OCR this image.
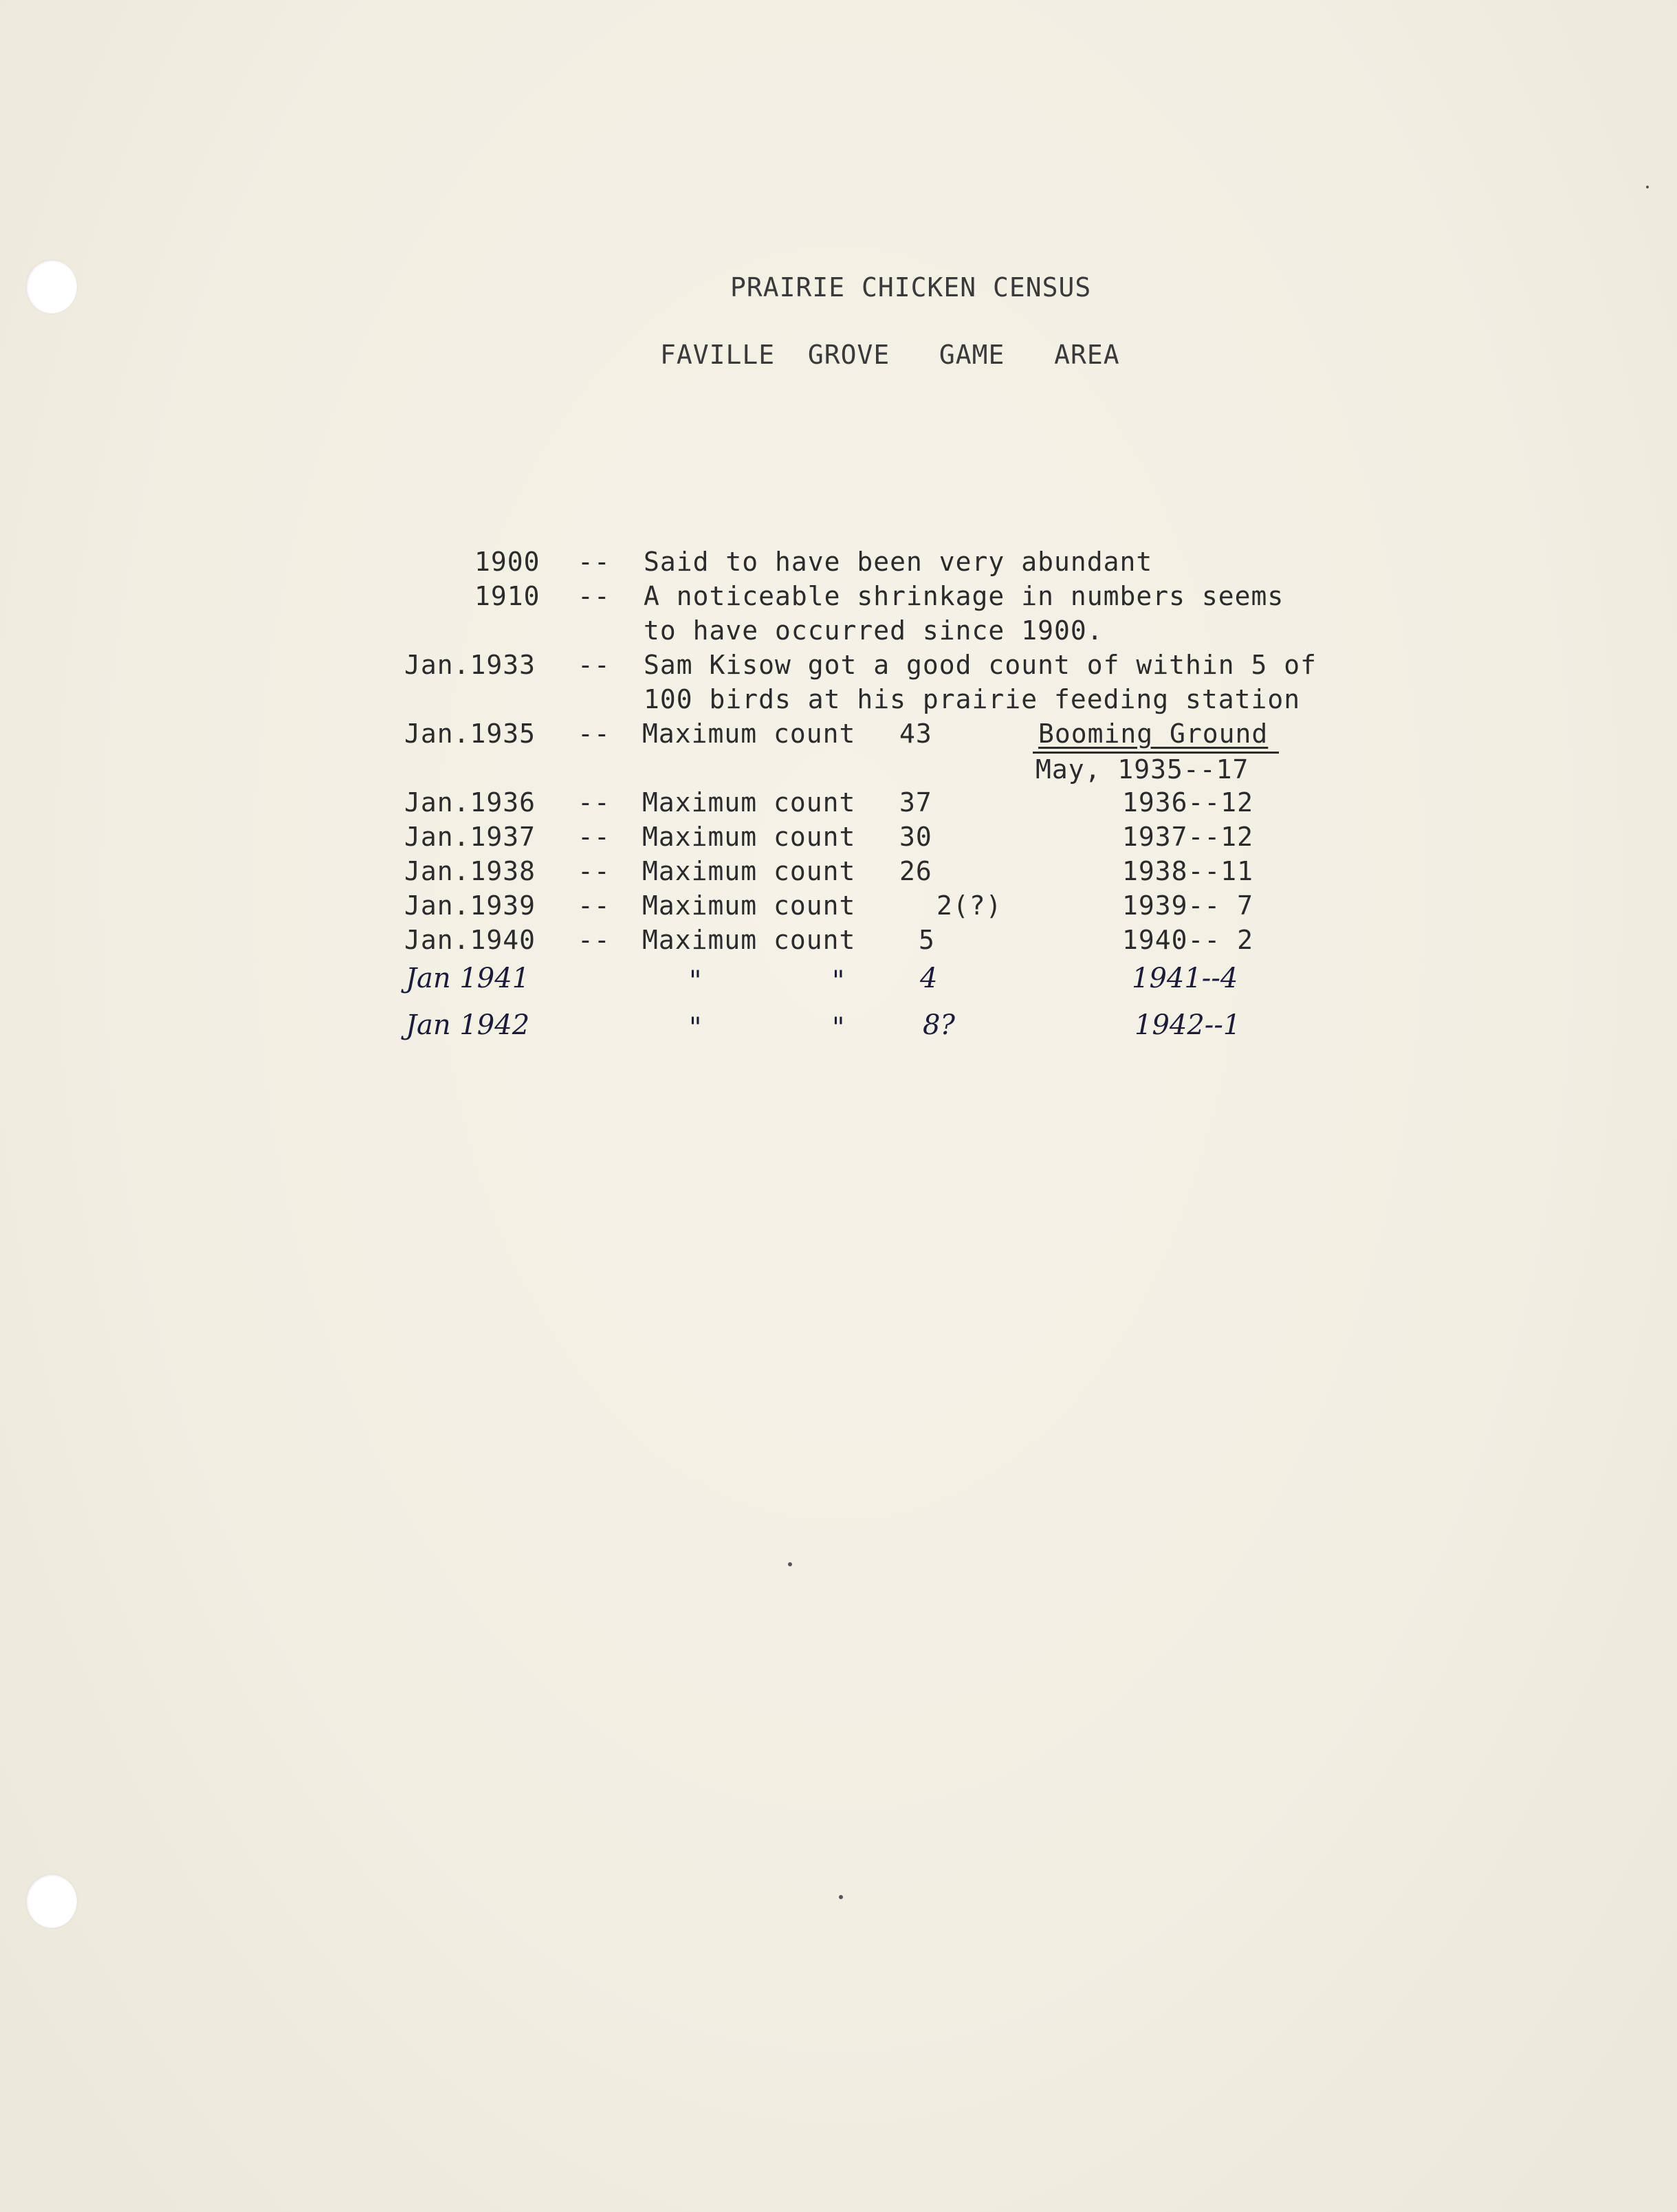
PRAIRIE CHICKEN CENSUS
FAVILLE  GROVE   GAME   AREA
1900 -- Said to have been very abundant
1910 -- A noticeable shrinkage in numbers seems
to have occurred since 1900.
Jan.1933 -- Sam Kisow got a good count of within 5 of
100 birds at his prairie feeding station
Jan.1935 -- Maximum count 43	Booming Ground
May, 1935--17
Jan.1936 -- Maximum count 37	1936--12
Jan.1937 -- Maximum count 30	1937--12
Jan.1938 -- Maximum count 26	1938--11
Jan.1939 -- Maximum count	2(?)	1939-- 7
Jan.1940 -- Maximum count 5	1940-- 2
Jan 1941	"	"	4	1941--4
Jan 1942	"	"	8?	1942--1
